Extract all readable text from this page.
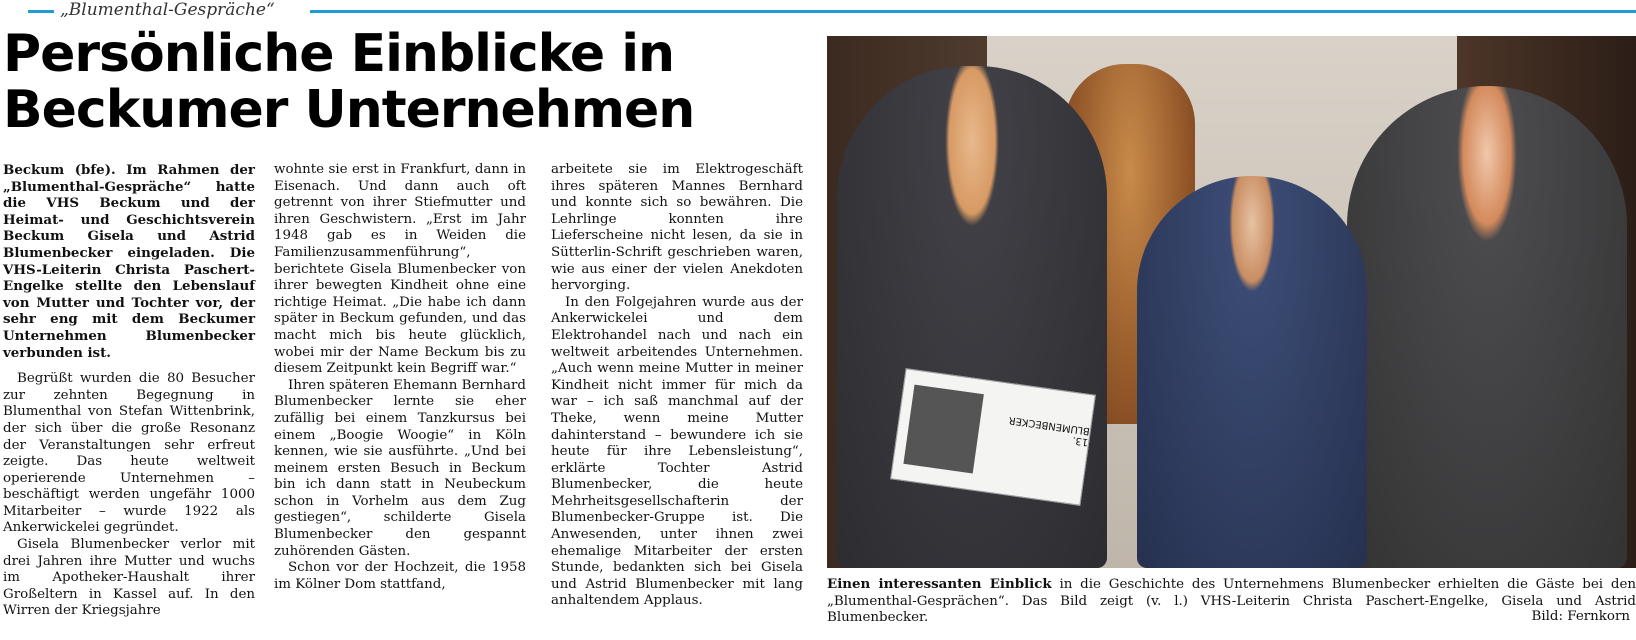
„Blumenthal-Gespräche“
Persönliche Einblicke in
Beckumer Unternehmen

Beckum (bfe). Im Rahmen der „Blumenthal-Gespräche“ hatte die VHS Beckum und der Heimat- und Geschichtsverein Beckum Gisela und Astrid Blumenbecker eingeladen. Die VHS-Leiterin Christa Paschert-Engelke stellte den Lebenslauf von Mutter und Tochter vor, der sehr eng mit dem Beckumer Unternehmen Blumenbecker verbunden ist.

Begrüßt wurden die 80 Besucher zur zehnten Begegnung in Blumenthal von Stefan Wittenbrink, der sich über die große Resonanz der Veranstaltungen sehr erfreut zeigte. Das heute weltweit operierende Unternehmen – beschäftigt werden ungefähr 1000 Mitarbeiter – wurde 1922 als Ankerwickelei gegründet.

Gisela Blumenbecker verlor mit drei Jahren ihre Mutter und wuchs im Apotheker-Haushalt ihrer Großeltern in Kassel auf. In den Wirren der Kriegsjahre

wohnte sie erst in Frankfurt, dann in Eisenach. Und dann auch oft getrennt von ihrer Stiefmutter und ihren Geschwistern. „Erst im Jahr 1948 gab es in Weiden die Familienzusammenführung“, berichtete Gisela Blumenbecker von ihrer bewegten Kindheit ohne eine richtige Heimat. „Die habe ich dann später in Beckum gefunden, und das macht mich bis heute glücklich, wobei mir der Name Beckum bis zu diesem Zeitpunkt kein Begriff war.“

Ihren späteren Ehemann Bernhard Blumenbecker lernte sie eher zufällig bei einem Tanzkursus bei einem „Boogie Woogie“ in Köln kennen, wie sie ausführte. „Und bei meinem ersten Besuch in Beckum bin ich dann statt in Neubeckum schon in Vorhelm aus dem Zug gestiegen“, schilderte Gisela Blumenbecker den gespannt zuhörenden Gästen.

Schon vor der Hochzeit, die 1958 im Kölner Dom stattfand,

arbeitete sie im Elektrogeschäft ihres späteren Mannes Bernhard und konnte sich so bewähren. Die Lehrlinge konnten ihre Lieferscheine nicht lesen, da sie in Sütterlin-Schrift geschrieben waren, wie aus einer der vielen Anekdoten hervorging.

In den Folgejahren wurde aus der Ankerwickelei und dem Elektrohandel nach und nach ein weltweit arbeitendes Unternehmen. „Auch wenn meine Mutter in meiner Kindheit nicht immer für mich da war – ich saß manchmal auf der Theke, wenn meine Mutter dahinterstand – bewundere ich sie heute für ihre Lebensleistung“, erklärte Tochter Astrid Blumenbecker, die heute Mehrheitsgesellschafterin der Blumenbecker-Gruppe ist. Die Anwesenden, unter ihnen zwei ehemalige Mitarbeiter der ersten Stunde, bedankten sich bei Gisela und Astrid Blumenbecker mit lang anhaltendem Applaus.

13. BLUMENBECKER
Einen interessanten Einblick in die Geschichte des Unternehmens Blumenbecker erhielten die Gäste bei den „Blumenthal-Gesprächen“. Das Bild zeigt (v. l.) VHS-Leiterin Christa Paschert-Engelke, Gisela und Astrid Blumenbecker.	Bild: Fernkorn
